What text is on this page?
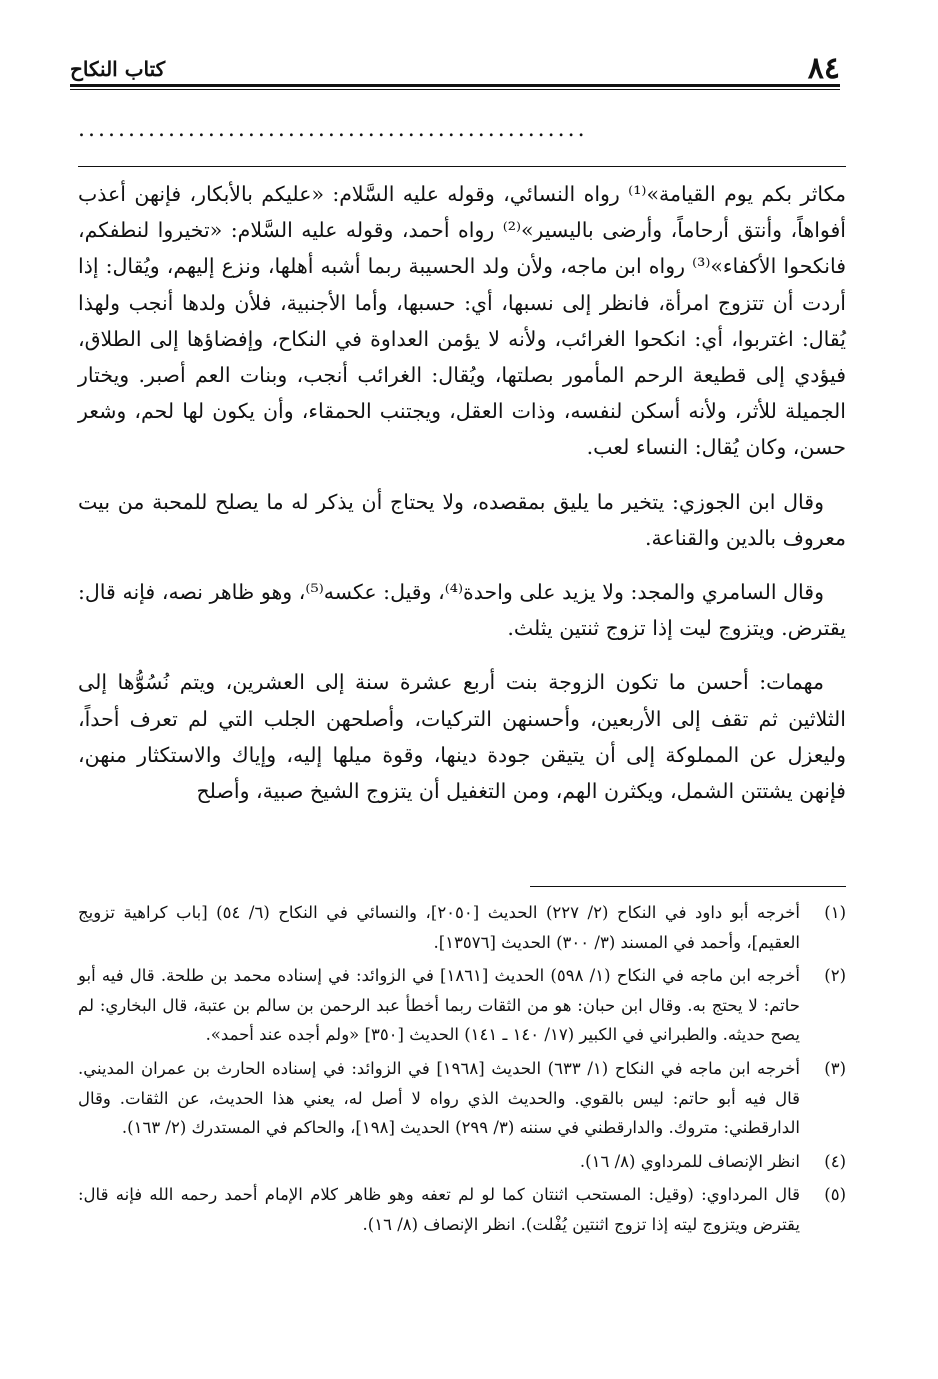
٨٤
كتاب النكاح
...................................................

مكاثر بكم يوم القيامة»⁽¹⁾ رواه النسائي، وقوله عليه السَّلام: «عليكم بالأبكار، فإنهن أعذب أفواهاً، وأنتق أرحاماً، وأرضى باليسير»⁽²⁾ رواه أحمد، وقوله عليه السَّلام: «تخيروا لنطفكم، فانكحوا الأكفاء»⁽³⁾ رواه ابن ماجه، ولأن ولد الحسيبة ربما أشبه أهلها، ونزع إليهم، ويُقال: إذا أردت أن تتزوج امرأة، فانظر إلى نسبها، أي: حسبها، وأما الأجنبية، فلأن ولدها أنجب ولهذا يُقال: اغتربوا، أي: انكحوا الغرائب، ولأنه لا يؤمن العداوة في النكاح، وإفضاؤها إلى الطلاق، فيؤدي إلى قطيعة الرحم المأمور بصلتها، ويُقال: الغرائب أنجب، وبنات العم أصبر. ويختار الجميلة للأثر، ولأنه أسكن لنفسه، وذات العقل، ويجتنب الحمقاء، وأن يكون لها لحم، وشعر حسن، وكان يُقال: النساء لعب.

وقال ابن الجوزي: يتخير ما يليق بمقصده، ولا يحتاج أن يذكر له ما يصلح للمحبة من بيت معروف بالدين والقناعة.

وقال السامري والمجد: ولا يزيد على واحدة⁽⁴⁾، وقيل: عكسه⁽⁵⁾، وهو ظاهر نصه، فإنه قال: يقترض. ويتزوج ليت إذا تزوج ثنتين يثلث.

مهمات: أحسن ما تكون الزوجة بنت أربع عشرة سنة إلى العشرين، ويتم نُسُوُّها إلى الثلاثين ثم تقف إلى الأربعين، وأحسنهن التركيات، وأصلحهن الجلب التي لم تعرف أحداً، وليعزل عن المملوكة إلى أن يتيقن جودة دينها، وقوة ميلها إليه، وإياك والاستكثار منهن، فإنهن يشتتن الشمل، ويكثرن الهم، ومن التغفيل أن يتزوج الشيخ صبية، وأصلح

(١)
أخرجه أبو داود في النكاح (٢/ ٢٢٧) الحديث [٢٠٥٠]، والنسائي في النكاح (٦/ ٥٤) [باب كراهية تزويج العقيم]، وأحمد في المسند (٣/ ٣٠٠) الحديث [١٣٥٧٦].
(٢)
أخرجه ابن ماجه في النكاح (١/ ٥٩٨) الحديث [١٨٦١] في الزوائد: في إسناده محمد بن طلحة. قال فيه أبو حاتم: لا يحتج به. وقال ابن حبان: هو من الثقات ربما أخطأ عبد الرحمن بن سالم بن عتبة، قال البخاري: لم يصح حديثه. والطبراني في الكبير (١٧/ ١٤٠ ـ ١٤١) الحديث [٣٥٠] «ولم أجده عند أحمد».
(٣)
أخرجه ابن ماجه في النكاح (١/ ٦٣٣) الحديث [١٩٦٨] في الزوائد: في إسناده الحارث بن عمران المديني. قال فيه أبو حاتم: ليس بالقوي. والحديث الذي رواه لا أصل له، يعني هذا الحديث، عن الثقات. وقال الدارقطني: متروك. والدارقطني في سننه (٣/ ٢٩٩) الحديث [١٩٨]، والحاكم في المستدرك (٢/ ١٦٣).
(٤)
انظر الإنصاف للمرداوي (٨/ ١٦).
(٥)
قال المرداوي: (وقيل: المستحب اثنتان كما لو لم تعفه وهو ظاهر كلام الإمام أحمد رحمه الله فإنه قال: يقترض ويتزوج ليته إذا تزوج اثنتين يُفْلت). انظر الإنصاف (٨/ ١٦).
